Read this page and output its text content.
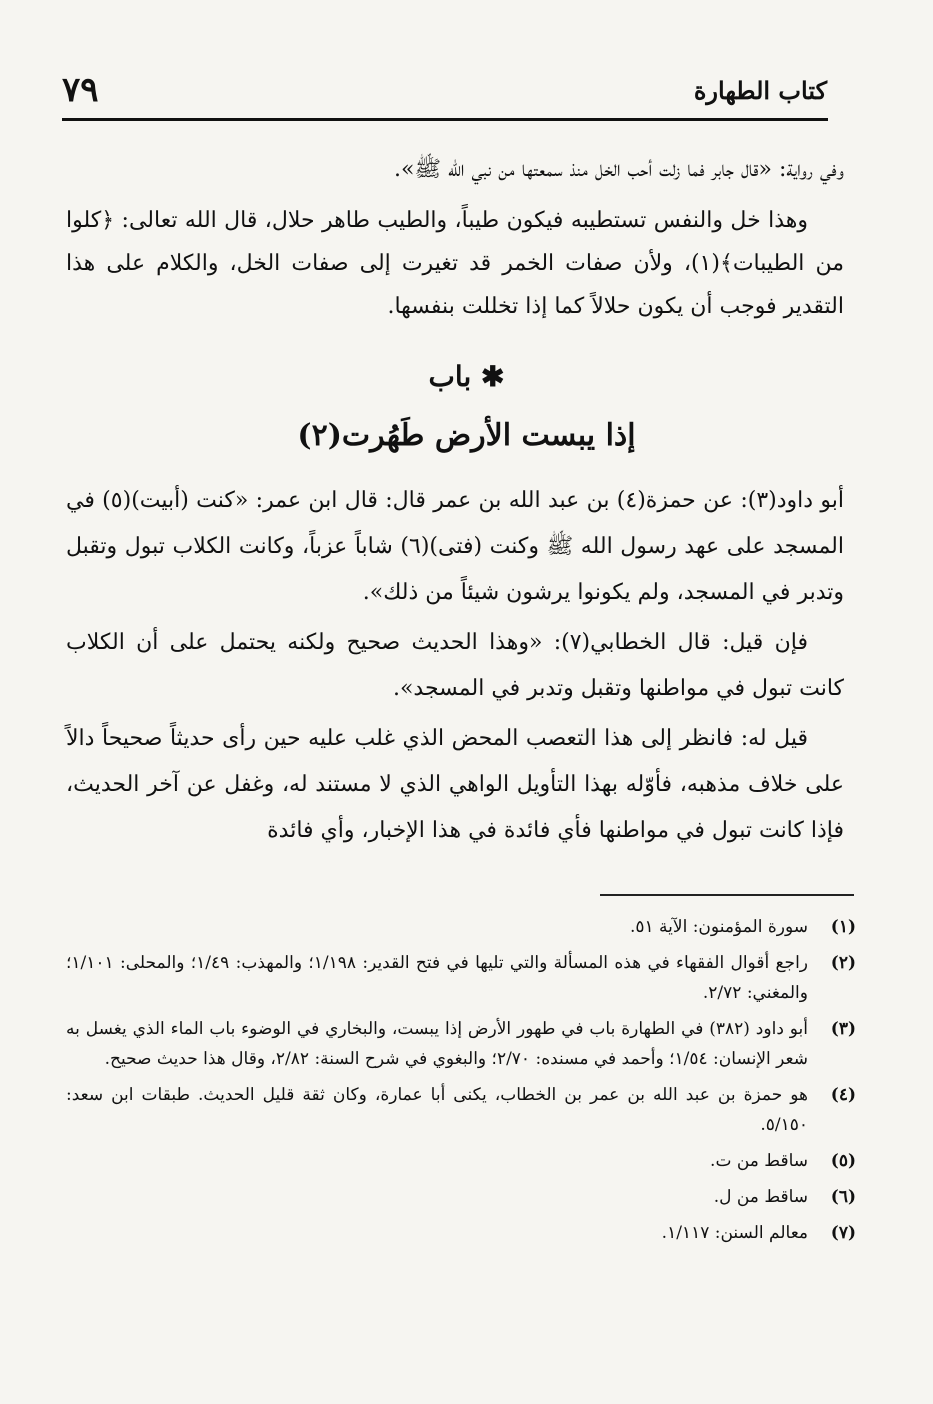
كتاب الطهارة
٧٩

وفي رواية: «قال جابر فما زلت أحب الخل منذ سمعتها من نبي الله ﷺ».

وهذا خل والنفس تستطيبه فيكون طيباً، والطيب طاهر حلال، قال الله تعالى: ﴿كلوا من الطيبات﴾(١)، ولأن صفات الخمر قد تغيرت إلى صفات الخل، والكلام على هذا التقدير فوجب أن يكون حلالاً كما إذا تخللت بنفسها.

✱ باب
إذا يبست الأرض طَهُرت(٢)

أبو داود(٣): عن حمزة(٤) بن عبد الله بن عمر قال: قال ابن عمر: «كنت (أبيت)(٥) في المسجد على عهد رسول الله ﷺ وكنت (فتى)(٦) شاباً عزباً، وكانت الكلاب تبول وتقبل وتدبر في المسجد، ولم يكونوا يرشون شيئاً من ذلك».

فإن قيل: قال الخطابي(٧): «وهذا الحديث صحيح ولكنه يحتمل على أن الكلاب كانت تبول في مواطنها وتقبل وتدبر في المسجد».

قيل له: فانظر إلى هذا التعصب المحض الذي غلب عليه حين رأى حديثاً صحيحاً دالاً على خلاف مذهبه، فأوّله بهذا التأويل الواهي الذي لا مستند له، وغفل عن آخر الحديث، فإذا كانت تبول في مواطنها فأي فائدة في هذا الإخبار، وأي فائدة

(١)
سورة المؤمنون: الآية ٥١.
(٢)
راجع أقوال الفقهاء في هذه المسألة والتي تليها في فتح القدير: ١/١٩٨؛ والمهذب: ١/٤٩؛ والمحلى: ١/١٠١؛ والمغني: ٢/٧٢.
(٣)
أبو داود (٣٨٢) في الطهارة باب في طهور الأرض إذا يبست، والبخاري في الوضوء باب الماء الذي يغسل به شعر الإنسان: ١/٥٤؛ وأحمد في مسنده: ٢/٧٠؛ والبغوي في شرح السنة: ٢/٨٢، وقال هذا حديث صحيح.
(٤)
هو حمزة بن عبد الله بن عمر بن الخطاب، يكنى أبا عمارة، وكان ثقة قليل الحديث. طبقات ابن سعد: ٥/١٥٠.
(٥)
ساقط من ت.
(٦)
ساقط من ل.
(٧)
معالم السنن: ١/١١٧.
